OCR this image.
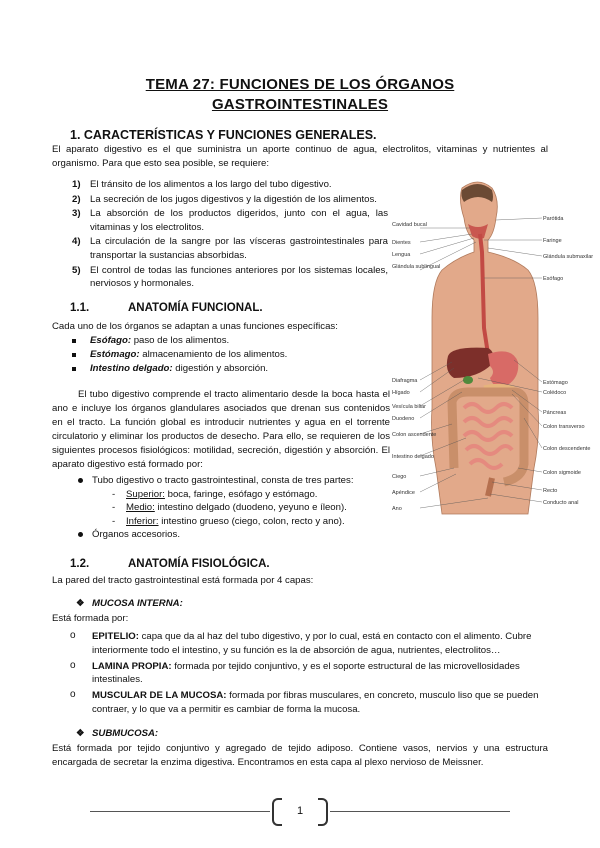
TEMA 27: FUNCIONES DE LOS ÓRGANOS
GASTROINTESTINALES
1. CARACTERÍSTICAS Y FUNCIONES GENERALES.
El aparato digestivo es el que suministra un aporte continuo de agua, electrolitos, vitaminas y nutrientes al organismo. Para que esto sea posible, se requiere:
1) El tránsito de los alimentos a los largo del tubo digestivo.
2) La secreción de los jugos digestivos y la digestión de los alimentos.
3) La absorción de los productos digeridos, junto con el agua, las vitaminas y los electrolitos.
4) La circulación de la sangre por las vísceras gastrointestinales para transportar la sustancias absorbidas.
5) El control de todas las funciones anteriores por los sistemas locales, nerviosos y hormonales.
1.1.	ANATOMÍA FUNCIONAL.
Cada uno de los órganos se adaptan a unas funciones específicas:
Esófago: paso de los alimentos.
Estómago: almacenamiento de los alimentos.
Intestino delgado: digestión y absorción.
El tubo digestivo comprende el tracto alimentario desde la boca hasta el ano e incluye los órganos glandulares asociados que drenan sus contenidos en el tracto. La función global es introducir nutrientes y agua en el torrente circulatorio y eliminar los productos de desecho. Para ello, se requieren de los siguientes procesos fisiológicos: motilidad, secreción, digestión y absorción. El aparato digestivo está formado por:
Tubo digestivo o tracto gastrointestinal, consta de tres partes:
- Superior: boca, faringe, esófago y estómago.
- Medio: intestino delgado (duodeno, yeyuno e íleon).
- Inferior: intestino grueso (ciego, colon, recto y ano).
Órganos accesorios.
1.2.	ANATOMÍA FISIOLÓGICA.
La pared del tracto gastrointestinal está formada por 4 capas:
❖ MUCOSA INTERNA:
Está formada por:
o EPITELIO: capa que da al haz del tubo digestivo, y por lo cual, está en contacto con el alimento. Cubre interiormente todo el intestino, y su función es la de absorción de agua, nutrientes, electrolitos…
o LAMINA PROPIA: formada por tejido conjuntivo, y es el soporte estructural de las microvellosidades intestinales.
o MUSCULAR DE LA MUCOSA: formada por fibras musculares, en concreto, musculo liso que se pueden contraer, y lo que va a permitir es cambiar de forma la mucosa.
❖ SUBMUCOSA:
Está formada por tejido conjuntivo y agregado de tejido adiposo. Contiene vasos, nervios y una estructura encargada de secretar la enzima digestiva. Encontramos en esta capa al plexo nervioso de Meissner.
Cavidad bucal
Dientes
Lengua
Glándula sublingual
Diafragma
Hígado
Vesícula biliar
Duodeno
Colon ascendente
Intestino delgado
Ciego
Apéndice
Ano
Parótida
Faringe
Glándula submaxilar
Esófago
Estómago
Colédoco
Páncreas
Colon transverso
Colon descendente
Colon sigmoide
Recto
Conducto anal
1
